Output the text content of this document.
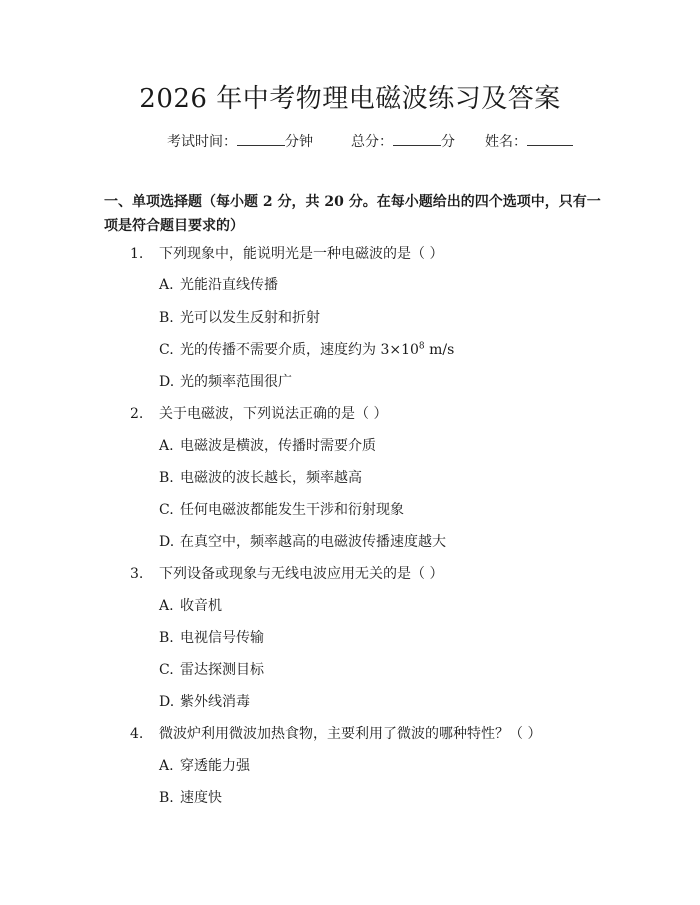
2026 年中考物理电磁波练习及答案
考试时间：	分钟	总分：	分 姓名：

一、单项选择题（每小题 2 分，共 20 分。在每小题给出的四个选项中，只有一项是符合题目要求的）

1.	下列现象中，能说明光是一种电磁波的是（ ）
A. 光能沿直线传播
B. 光可以发生反射和折射
C. 光的传播不需要介质，速度约为 $3\times 10^8$ m/s
D. 光的频率范围很广
2.	关于电磁波，下列说法正确的是（ ）
A. 电磁波是横波，传播时需要介质
B. 电磁波的波长越长，频率越高
C. 任何电磁波都能发生干涉和衍射现象
D. 在真空中，频率越高的电磁波传播速度越大
3.	下列设备或现象与无线电波应用无关的是（ ）
A. 收音机
B. 电视信号传输
C. 雷达探测目标
D. 紫外线消毒
4.	微波炉利用微波加热食物，主要利用了微波的哪种特性？（ ）
A. 穿透能力强
B. 速度快
